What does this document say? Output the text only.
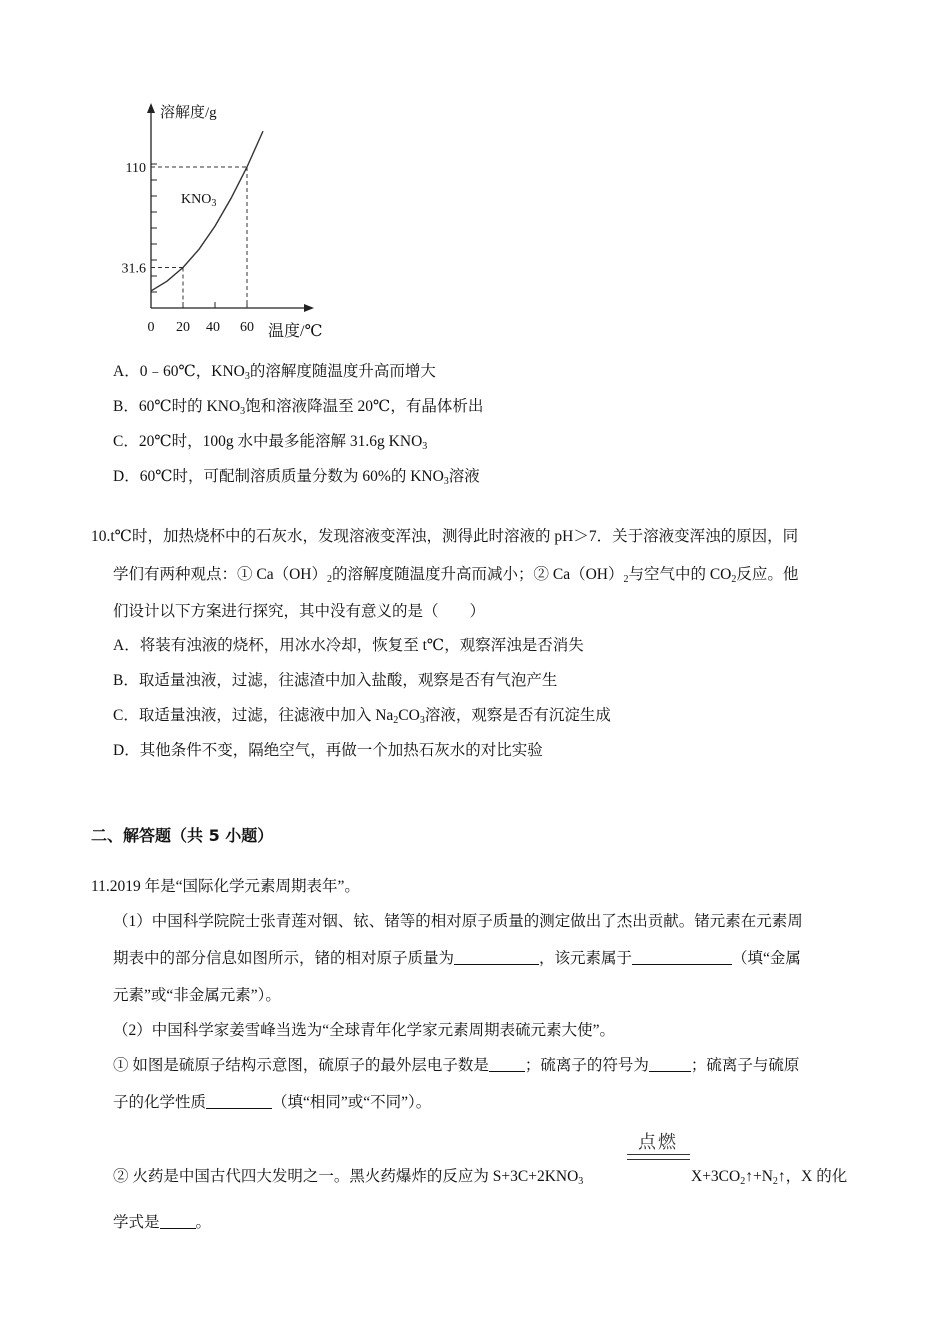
溶解度/g
温度/℃
0 20 40 60
110
31.6
$KNO_3$
A．0﹣60℃，$KNO_3$的溶解度随温度升高而增大
B．60℃时的 $KNO_3$饱和溶液降温至 20℃，有晶体析出
C．20℃时，100g 水中最多能溶解 31.6g $KNO_3$
D．60℃时，可配制溶质质量分数为 60%的 $KNO_3$溶液
10.t℃时，加热烧杯中的石灰水，发现溶液变浑浊，测得此时溶液的 pH＞7．关于溶液变浑浊的原因，同
学们有两种观点：① $Ca(OH)_2$的溶解度随温度升高而减小；② $Ca(OH)_2$与空气中的 $CO_2$反应。他
们设计以下方案进行探究，其中没有意义的是（　　）
A．将装有浊液的烧杯，用冰水冷却，恢复至 t℃，观察浑浊是否消失
B．取适量浊液，过滤，往滤渣中加入盐酸，观察是否有气泡产生
C．取适量浊液，过滤，往滤液中加入 $Na_2CO_3$溶液，观察是否有沉淀生成
D．其他条件不变，隔绝空气，再做一个加热石灰水的对比实验
二、解答题（共 5 小题）
11.2019 年是“国际化学元素周期表年”。
（1）中国科学院院士张青莲对铟、铱、锗等的相对原子质量的测定做出了杰出贡献。锗元素在元素周
期表中的部分信息如图所示，锗的相对原子质量为	，该元素属于	（填“金属
元素”或“非金属元素”）。
（2）中国科学家姜雪峰当选为“全球青年化学家元素周期表硫元素大使”。
① 如图是硫原子结构示意图，硫原子的最外层电子数是 ；硫离子的符号为	；硫离子与硫原
子的化学性质	（填“相同”或“不同”）。
点燃
② 火药是中国古代四大发明之一。黑火药爆炸的反应为 $S+3C+2KNO_3$	$X+3CO_2↑+N_2↑$，X 的化
学式是 。
